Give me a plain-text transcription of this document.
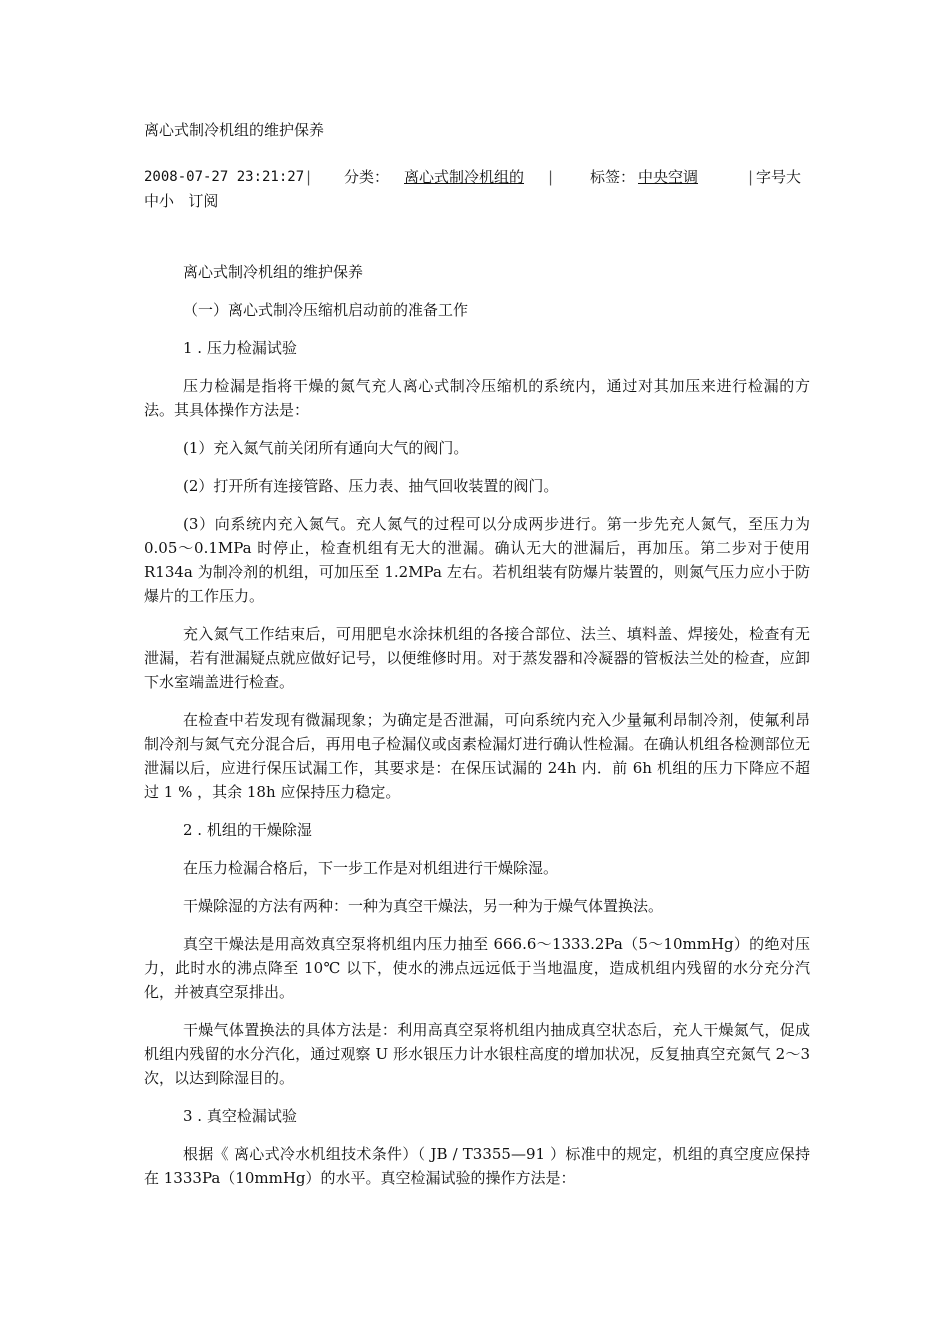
离心式制冷机组的维护保养
2008-07-27 23:21:27 | 分类： 离心式制冷机组的 | 标签： 中央空调	| 字号大
中小 订阅

离心式制冷机组的维护保养

（一）离心式制冷压缩机启动前的准备工作

1 . 压力检漏试验

压力检漏是指将干燥的氮气充人离心式制冷压缩机的系统内，通过对其加压来进行检漏的方法。其具体操作方法是：

(1）充入氮气前关闭所有通向大气的阀门。

(2）打开所有连接管路、压力表、抽气回收装置的阀门。

(3）向系统内充入氮气。充人氮气的过程可以分成两步进行。第一步先充人氮气，至压力为 0.05～0.1MPa 时停止，检查机组有无大的泄漏。确认无大的泄漏后，再加压。第二步对于使用 R134a 为制冷剂的机组，可加压至 1.2MPa 左右。若机组装有防爆片装置的，则氮气压力应小于防爆片的工作压力。

充入氮气工作结束后，可用肥皂水涂抹机组的各接合部位、法兰、填料盖、焊接处，检查有无泄漏，若有泄漏疑点就应做好记号，以便维修时用。对于蒸发器和冷凝器的管板法兰处的检查，应卸下水室端盖进行检查。

在检查中若发现有微漏现象；为确定是否泄漏，可向系统内充入少量氟利昂制冷剂，使氟利昂制冷剂与氮气充分混合后，再用电子检漏仪或卤素检漏灯进行确认性检漏。在确认机组各检测部位无泄漏以后，应进行保压试漏工作，其要求是：在保压试漏的 24h 内．前 6h 机组的压力下降应不超过 1 % ，其余 18h 应保持压力稳定。

2 . 机组的干燥除湿

在压力检漏合格后，下一步工作是对机组进行干燥除湿。

干燥除湿的方法有两种：一种为真空干燥法，另一种为于燥气体置换法。

真空干燥法是用高效真空泵将机组内压力抽至 666.6～1333.2Pa（5～10mmHg）的绝对压力，此时水的沸点降至 10℃ 以下，使水的沸点远远低于当地温度，造成机组内残留的水分充分汽化，并被真空泵排出。

干燥气体置换法的具体方法是：利用高真空泵将机组内抽成真空状态后，充人干燥氮气，促成机组内残留的水分汽化，通过观察 U 形水银压力计水银柱高度的增加状况，反复抽真空充氮气 2～3 次，以达到除湿目的。

3 . 真空检漏试验

根据《 离心式冷水机组技术条件）（ JB / T3355—91 ）标准中的规定，机组的真空度应保持在 1333Pa（10mmHg）的水平。真空检漏试验的操作方法是：
